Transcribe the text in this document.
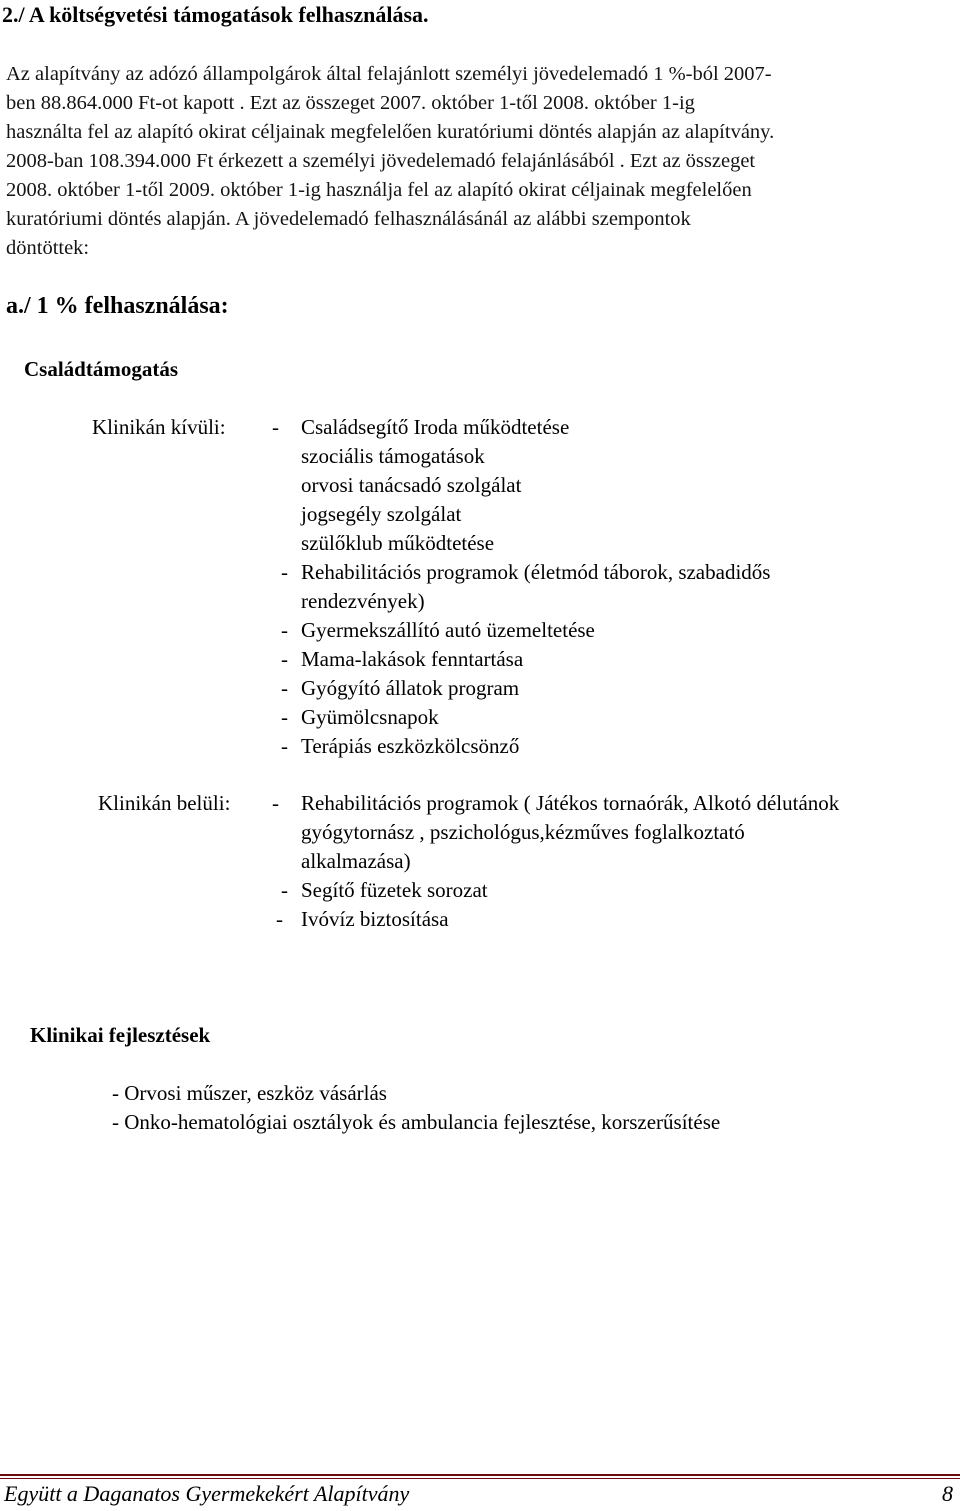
2./ A költségvetési támogatások felhasználása.
Az alapítvány az adózó állampolgárok által felajánlott személyi jövedelemadó 1 %-ból 2007-
ben 88.864.000 Ft-ot kapott . Ezt az összeget 2007. október 1-től 2008. október 1-ig
használta fel az alapító okirat céljainak megfelelően kuratóriumi döntés alapján az alapítvány.
2008-ban 108.394.000 Ft érkezett a személyi jövedelemadó felajánlásából . Ezt az összeget
2008. október 1-től 2009. október 1-ig használja fel az alapító okirat céljainak megfelelően
kuratóriumi döntés alapján. A jövedelemadó felhasználásánál az alábbi szempontok
döntöttek:
a./ 1 % felhasználása:
Családtámogatás
Klinikán kívüli: - Családsegítő Iroda működtetése
szociális támogatások
orvosi tanácsadó szolgálat
jogsegély szolgálat
szülőklub működtetése
- Rehabilitációs programok (életmód táborok, szabadidős
rendezvények)
- Gyermekszállító autó üzemeltetése
- Mama-lakások fenntartása
- Gyógyító állatok program
- Gyümölcsnapok
- Terápiás eszközkölcsönző
Klinikán belüli: - Rehabilitációs programok ( Játékos tornaórák, Alkotó délutánok
gyógytornász , pszichológus,kézműves foglalkoztató
alkalmazása)
- Segítő füzetek sorozat
- Ivóvíz biztosítása
Klinikai fejlesztések
- Orvosi műszer, eszköz vásárlás
- Onko-hematológiai osztályok és ambulancia fejlesztése, korszerűsítése
Együtt a Daganatos Gyermekekért Alapítvány	8
